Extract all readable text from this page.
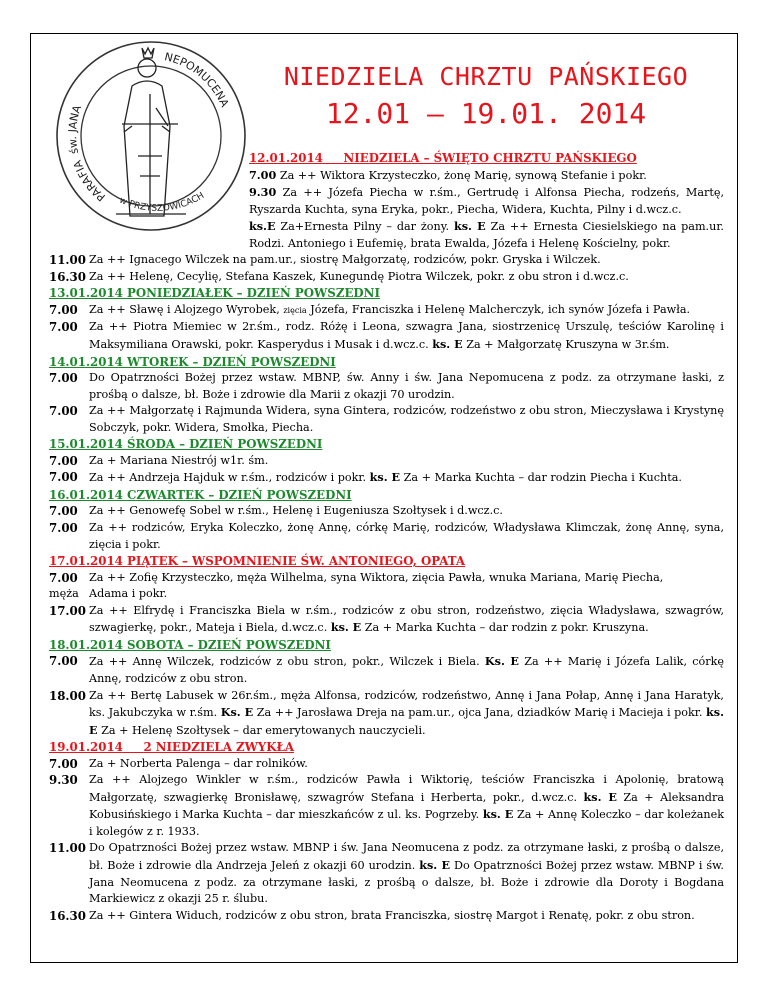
PARAFIA
św. JANA
NEPOMUCENA
w PRZYSZOWICACH
NIEDZIELA CHRZTU PAŃSKIEGO
12.01 – 19.01. 2014
12.01.2014 NIEDZIELA – ŚWIĘTO CHRZTU PAŃSKIEGO
7.00 Za ++ Wiktora Krzysteczko, żonę Marię, synową Stefanie i pokr.
9.30 Za ++ Józefa Piecha w r.śm., Gertrudę i Alfonsa Piecha, rodzeńs, Martę, Ryszarda Kuchta, syna Eryka, pokr., Piecha, Widera, Kuchta, Pilny i d.wcz.c.
ks.E Za+Ernesta Pilny – dar żony. ks. E Za ++ Ernesta Ciesielskiego na pam.ur. Rodzi. Antoniego i Eufemię, brata Ewalda, Józefa i Helenę Kościelny, pokr.
11.00 Za ++ Ignacego Wilczek na pam.ur., siostrę Małgorzatę, rodziców, pokr. Gryska i Wilczek.
16.30 Za ++ Helenę, Cecylię, Stefana Kaszek, Kunegundę Piotra Wilczek, pokr. z obu stron i d.wcz.c.
13.01.2014 PONIEDZIAŁEK – DZIEŃ POWSZEDNI
7.00	Za ++ Sławę i Alojzego Wyrobek, zięcia Józefa, Franciszka i Helenę Malcherczyk, ich synów Józefa i Pawła.
7.00	Za ++ Piotra Miemiec w 2r.śm., rodz. Różę i Leona, szwagra Jana, siostrzenicę Urszulę, teściów Karolinę i Maksymiliana Orawski, pokr. Kasperydus i Musak i d.wcz.c. ks. E Za + Małgorzatę Kruszyna w 3r.śm.
14.01.2014 WTOREK – DZIEŃ POWSZEDNI
7.00	Do Opatrzności Bożej przez wstaw. MBNP, św. Anny i św. Jana Nepomucena z podz. za otrzymane łaski, z prośbą o dalsze, bł. Boże i zdrowie dla Marii z okazji 70 urodzin.
7.00	Za ++ Małgorzatę i Rajmunda Widera, syna Gintera, rodziców, rodzeństwo z obu stron, Mieczysława i Krystynę Sobczyk, pokr. Widera, Smołka, Piecha.
15.01.2014 ŚRODA – DZIEŃ POWSZEDNI
7.00	Za + Mariana Niestrój w1r. śm.
7.00	Za ++ Andrzeja Hajduk w r.śm., rodziców i pokr. ks. E Za + Marka Kuchta – dar rodzin Piecha i Kuchta.
16.01.2014 CZWARTEK – DZIEŃ POWSZEDNI
7.00	Za ++ Genowefę Sobel w r.śm., Helenę i Eugeniusza Szołtysek i d.wcz.c.
7.00	Za ++ rodziców, Eryka Koleczko, żonę Annę, córkę Marię, rodziców, Władysława Klimczak, żonę Annę, syna, zięcia i pokr.
17.01.2014 PIĄTEK – WSPOMNIENIE ŚW. ANTONIEGO, OPATA
7.00	Za ++ Zofię Krzysteczko, męża Wilhelma, syna Wiktora, zięcia Pawła, wnuka Mariana, Marię Piecha,
męża Adama i pokr.
17.00 Za ++ Elfrydę i Franciszka Biela w r.śm., rodziców z obu stron, rodzeństwo, zięcia Władysława, szwagrów, szwagierkę, pokr., Mateja i Biela, d.wcz.c. ks. E Za + Marka Kuchta – dar rodzin z pokr. Kruszyna.
18.01.2014 SOBOTA – DZIEŃ POWSZEDNI
7.00	Za ++ Annę Wilczek, rodziców z obu stron, pokr., Wilczek i Biela. Ks. E Za ++ Marię i Józefa Lalik, córkę Annę, rodziców z obu stron.
18.00 Za ++ Bertę Labusek w 26r.śm., męża Alfonsa, rodziców, rodzeństwo, Annę i Jana Połap, Annę i Jana Haratyk, ks. Jakubczyka w r.śm. Ks. E Za ++ Jarosława Dreja na pam.ur., ojca Jana, dziadków Marię i Macieja i pokr. ks. E Za + Helenę Szołtysek – dar emerytowanych nauczycieli.
19.01.2014 2 NIEDZIELA ZWYKŁA
7.00	Za + Norberta Palenga – dar rolników.
9.30	Za ++ Alojzego Winkler w r.śm., rodziców Pawła i Wiktorię, teściów Franciszka i Apolonię, bratową Małgorzatę, szwagierkę Bronisławę, szwagrów Stefana i Herberta, pokr., d.wcz.c. ks. E Za + Aleksandra Kobusińskiego i Marka Kuchta – dar mieszkańców z ul. ks. Pogrzeby. ks. E Za + Annę Koleczko – dar koleżanek i kolegów z r. 1933.
11.00 Do Opatrzności Bożej przez wstaw. MBNP i św. Jana Neomucena z podz. za otrzymane łaski, z prośbą o dalsze, bł. Boże i zdrowie dla Andrzeja Jeleń z okazji 60 urodzin. ks. E Do Opatrzności Bożej przez wstaw. MBNP i św. Jana Neomucena z podz. za otrzymane łaski, z prośbą o dalsze, bł. Boże i zdrowie dla Doroty i Bogdana Markiewicz z okazji 25 r. ślubu.
16.30 Za ++ Gintera Widuch, rodziców z obu stron, brata Franciszka, siostrę Margot i Renatę, pokr. z obu stron.
